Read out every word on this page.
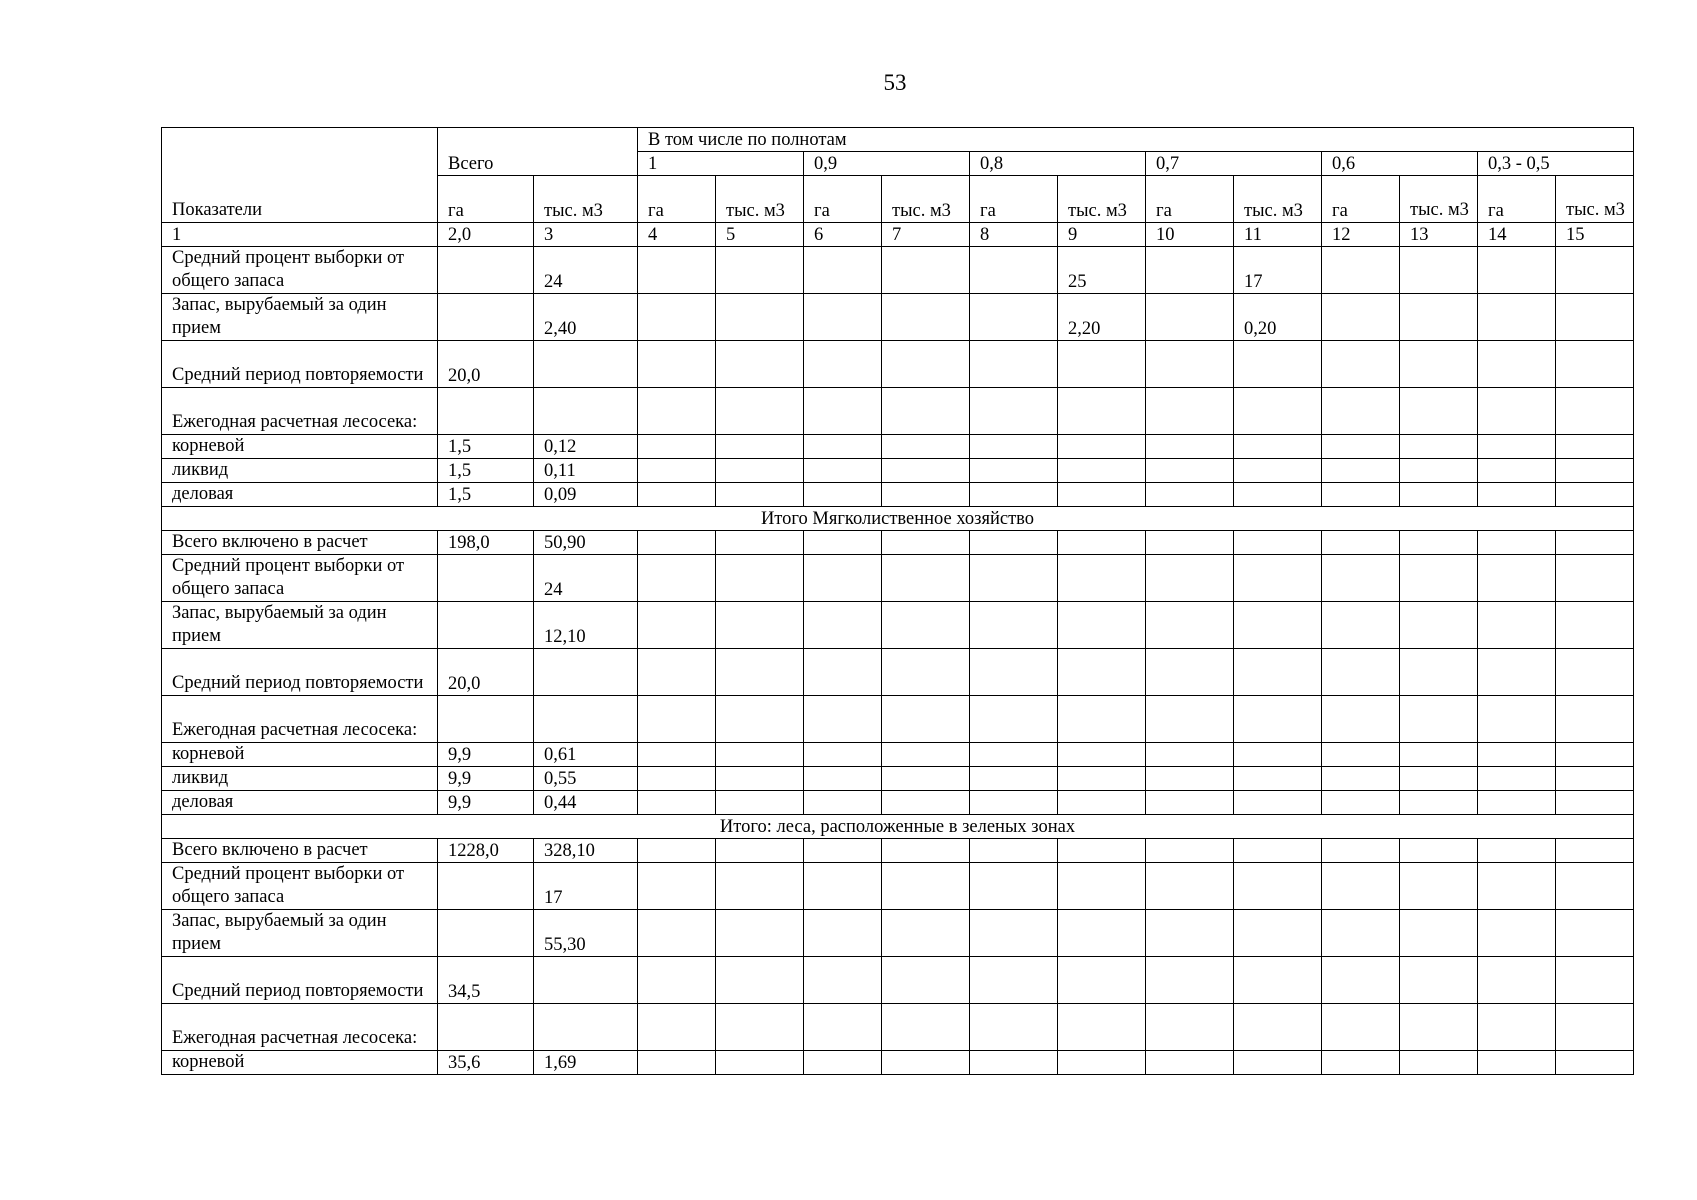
53
Показатели	Всего		В том числе по полнотам											
			1		0,9		0,8		0,7		0,6		0,3 - 0,5	
	га	тыс. м3	га	тыс. м3	га	тыс. м3	га	тыс. м3	га	тыс. м3	га	тыс. м3	га	тыс. м3
1	2,0	3	4	5	6	7	8	9	10	11	12	13	14	15
Средний процент выборки от общего запаса		24						25		17				
Запас, вырубаемый за один прием		2,40						2,20		0,20				
Средний период повторяемости	20,0													
Ежегодная расчетная лесосека:														
корневой	1,5	0,12												
ликвид	1,5	0,11												
деловая	1,5	0,09												
Итого Мягколиственное хозяйство														
Всего включено в расчет	198,0	50,90												
Средний процент выборки от общего запаса		24												
Запас, вырубаемый за один прием		12,10												
Средний период повторяемости	20,0													
Ежегодная расчетная лесосека:														
корневой	9,9	0,61												
ликвид	9,9	0,55												
деловая	9,9	0,44												
Итого: леса, расположенные в зеленых зонах														
Всего включено в расчет	1228,0	328,10												
Средний процент выборки от общего запаса		17												
Запас, вырубаемый за один прием		55,30												
Средний период повторяемости	34,5													
Ежегодная расчетная лесосека:														
корневой	35,6	1,69												
